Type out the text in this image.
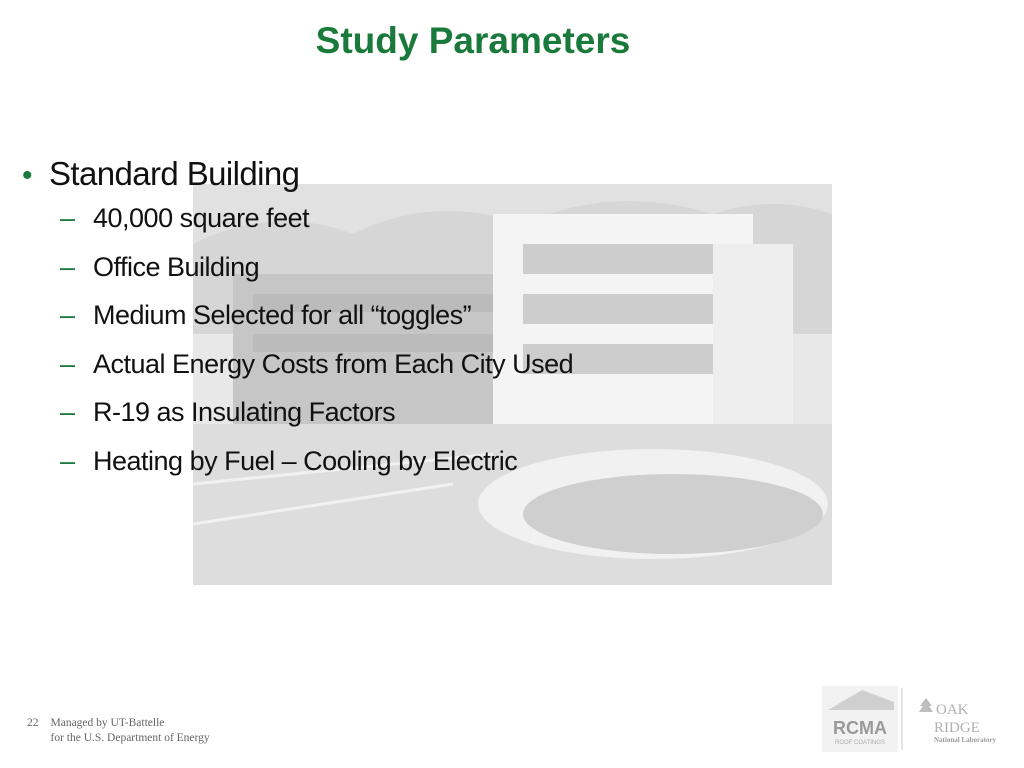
Study Parameters
• Standard Building
– 40,000 square feet
– Office Building
– Medium Selected for all “toggles”
– Actual Energy Costs from Each City Used
– R-19 as Insulating Factors
– Heating by Fuel – Cooling by Electric
22 Managed by UT-Battelle
for the U.S. Department of Energy	RCMA
ROOF COATINGS
OAK
RIDGE
National Laboratory
